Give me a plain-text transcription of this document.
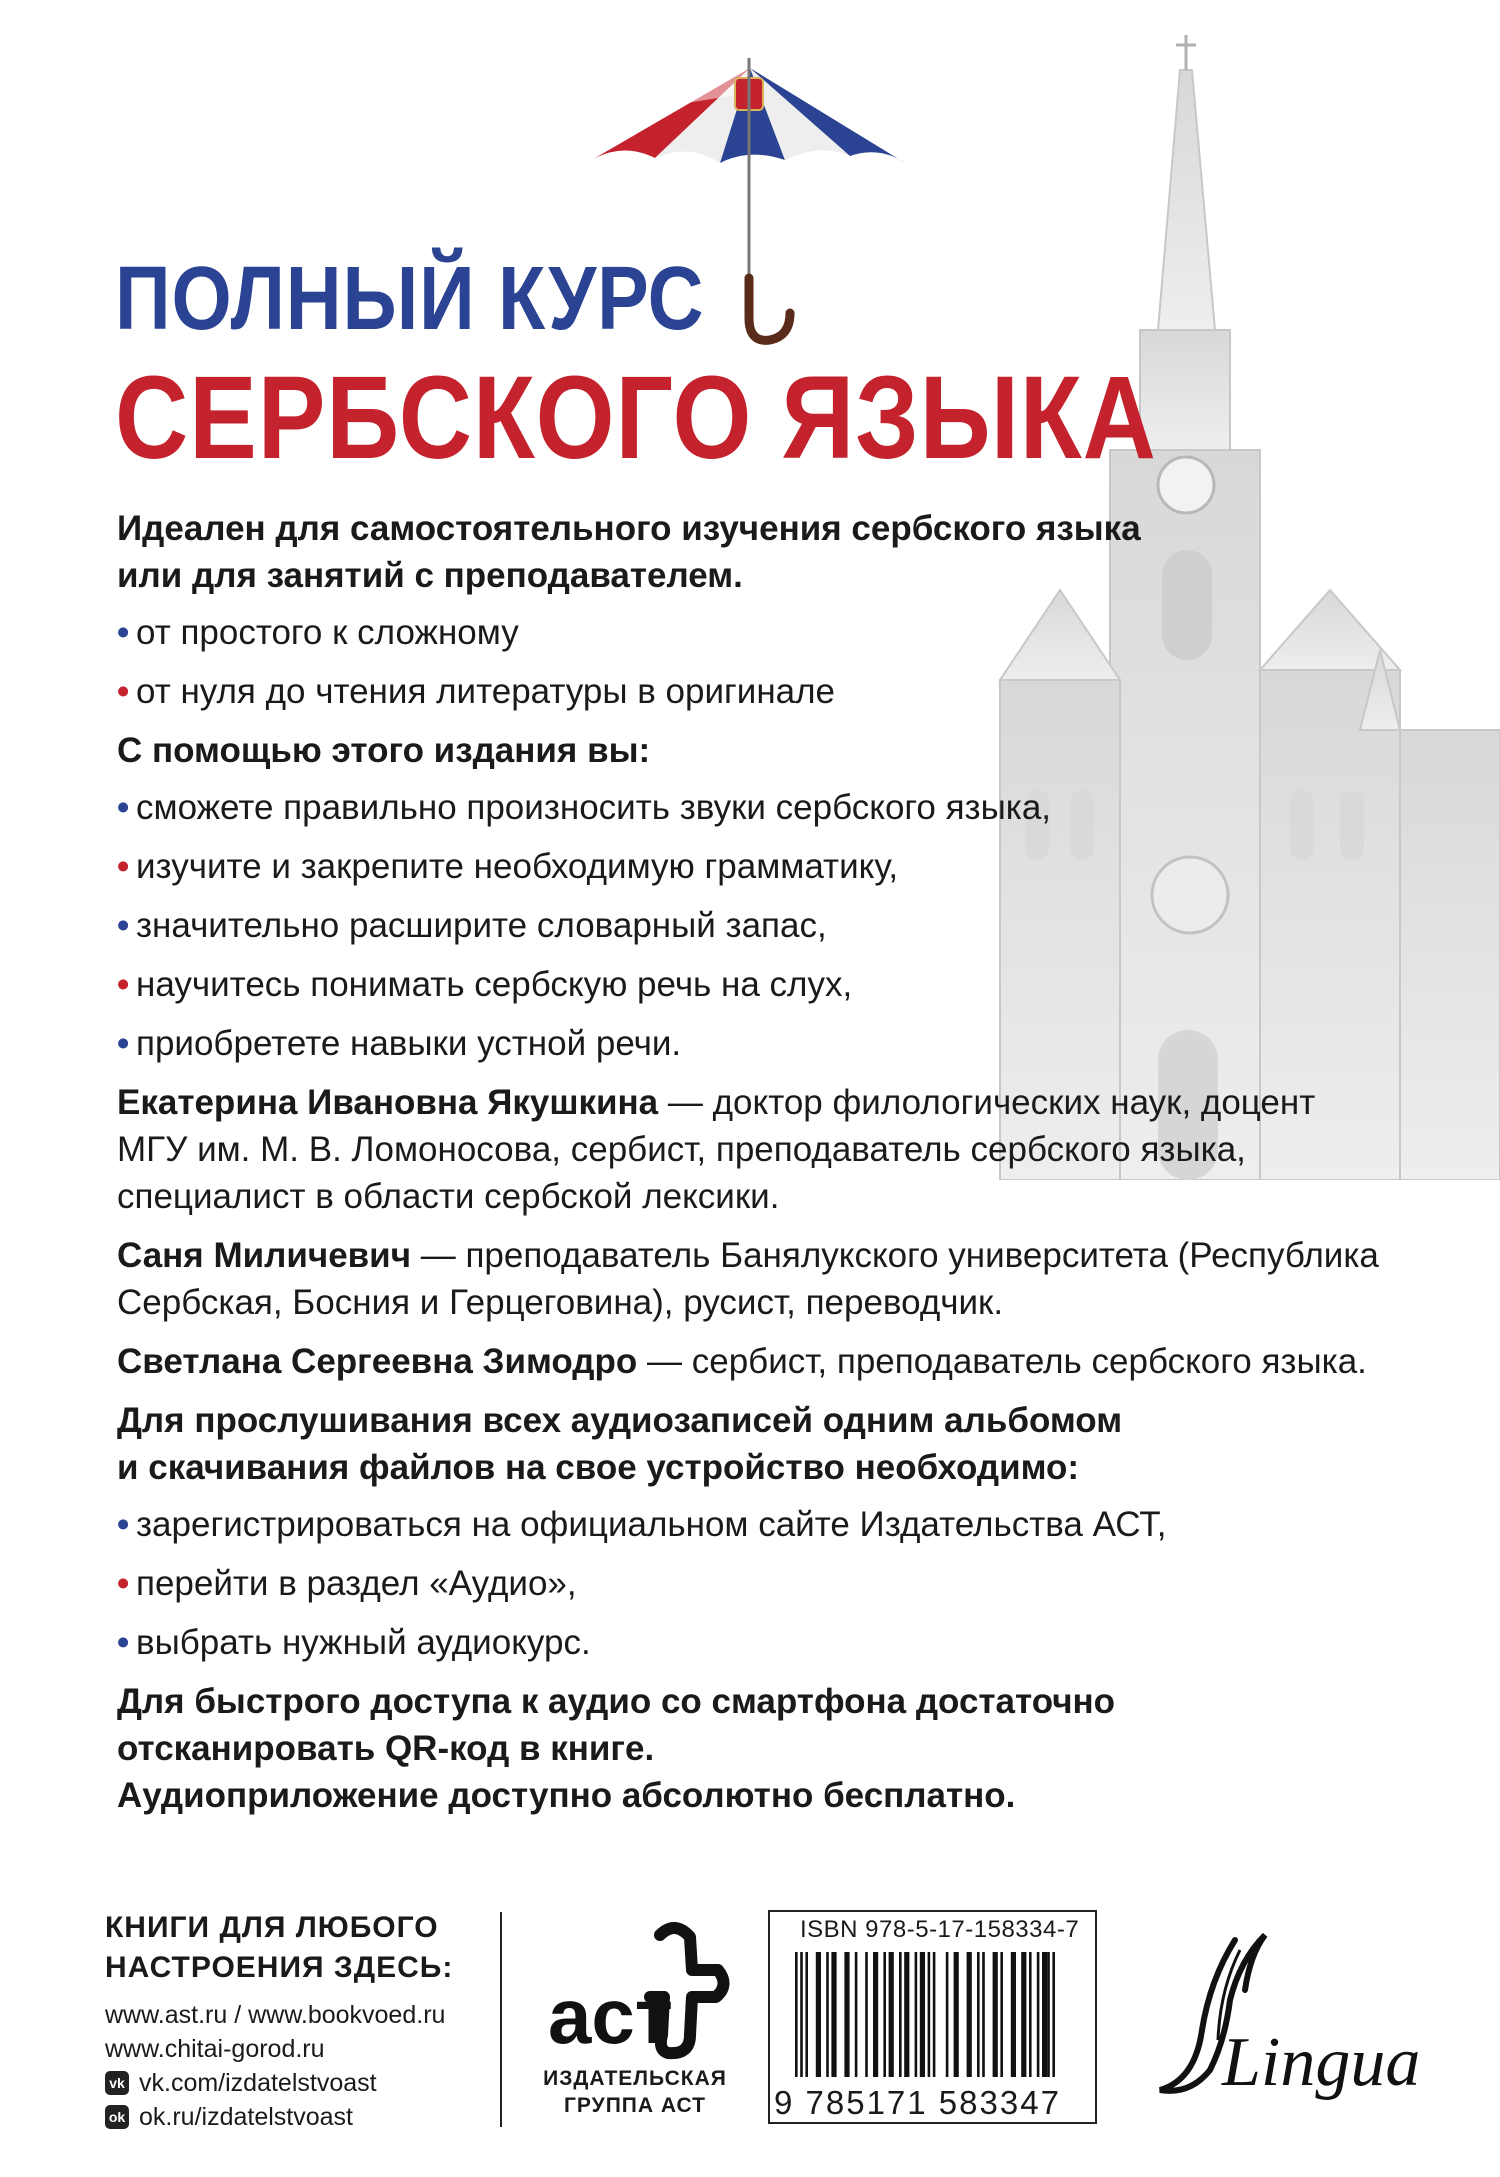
ПОЛНЫЙ КУРС
СЕРБСКОГО ЯЗЫКА

Идеален для самостоятельного изучения сербского языка
или для занятий с преподавателем.

• от простого к сложному
• от нуля до чтения литературы в оригинале

С помощью этого издания вы:

• сможете правильно произносить звуки сербского языка,
• изучите и закрепите необходимую грамматику,
• значительно расширите словарный запас,
• научитесь понимать сербскую речь на слух,
• приобретете навыки устной речи.

Екатерина Ивановна Якушкина — доктор филологических наук, доцент МГУ им. М. В. Ломоносова, сербист, преподаватель сербского языка, специалист в области сербской лексики.

Саня Миличевич — преподаватель Банялукского университета (Республика Сербская, Босния и Герцеговина), русист, переводчик.

Светлана Сергеевна Зимодро — сербист, преподаватель сербского языка.

Для прослушивания всех аудиозаписей одним альбомом
и скачивания файлов на свое устройство необходимо:

• зарегистрироваться на официальном сайте Издательства АСТ,
• перейти в раздел «Аудио»,
• выбрать нужный аудиокурс.

Для быстрого доступа к аудио со смартфона достаточно
отсканировать QR-код в книге.
Аудиоприложение доступно абсолютно бесплатно.

КНИГИ ДЛЯ ЛЮБОГО
НАСТРОЕНИЯ ЗДЕСЬ:
www.ast.ru / www.bookvoed.ru
www.chitai-gorod.ru
vk vk.com/izdatelstvoast
ok ok.ru/izdatelstvoast
аст
ИЗДАТЕЛЬСКАЯ
ГРУППА АСТ
ISBN 978-5-17-158334-7
9 785171 583347
Lingua
